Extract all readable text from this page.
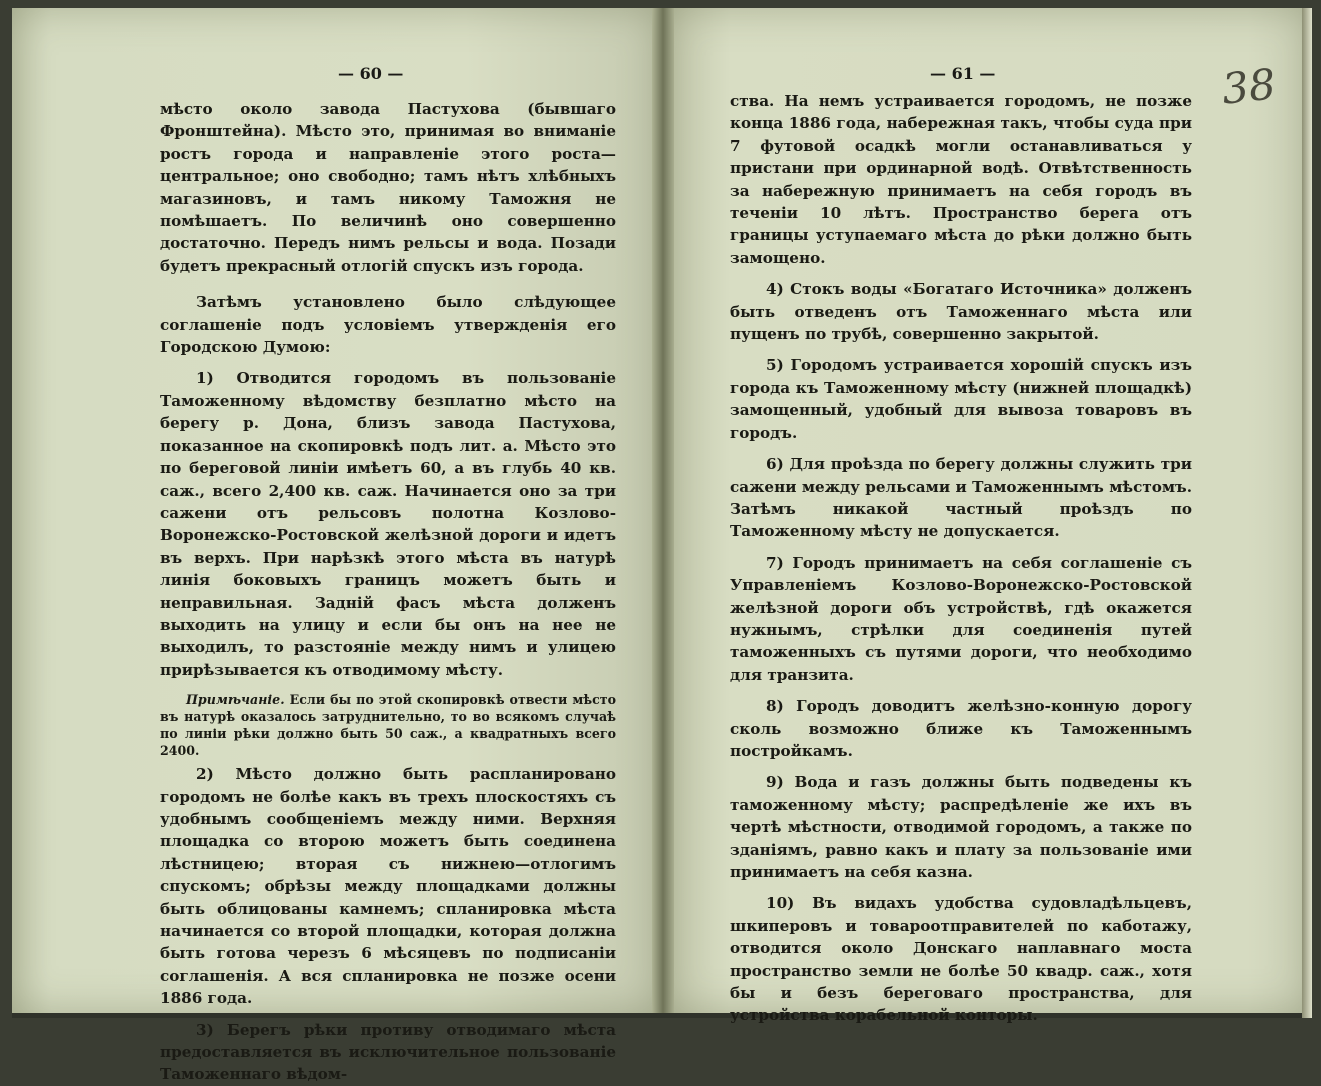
— 60 —	— 61 —	38

мѣсто около завода Пастухова (бывшаго Фронштейна). Мѣсто это, принимая во вниманіе ростъ города и направленіе этого роста—центральное; оно свободно; тамъ нѣтъ хлѣбныхъ магазиновъ, и тамъ никому Таможня не помѣшаетъ. По величинѣ оно совершенно достаточно. Передъ нимъ рельсы и вода. Позади будетъ прекрасный отлогій спускъ изъ города.

Затѣмъ установлено было слѣдующее соглашеніе подъ условіемъ утвержденія его Городскою Думою:

1) Отводится городомъ въ пользованіе Таможенному вѣдомству безплатно мѣсто на берегу р. Дона, близъ завода Пастухова, показанное на скопировкѣ подъ лит. а. Мѣсто это по береговой линіи имѣетъ 60, а въ глубь 40 кв. саж., всего 2,400 кв. саж. Начинается оно за три сажени отъ рельсовъ полотна Козлово-Воронежско-Ростовской желѣзной дороги и идетъ въ верхъ. При нарѣзкѣ этого мѣста въ натурѣ линія боковыхъ границъ можетъ быть и неправильная. Задній фасъ мѣста долженъ выходить на улицу и если бы онъ на нее не выходилъ, то разстояніе между нимъ и улицею прирѣзывается къ отводимому мѣсту.

Примѣчаніе. Если бы по этой скопировкѣ отвести мѣсто въ натурѣ оказалось затруднительно, то во всякомъ случаѣ по линіи рѣки должно быть 50 саж., а квадратныхъ всего 2400.

2) Мѣсто должно быть распланировано городомъ не болѣе какъ въ трехъ плоскостяхъ съ удобнымъ сообщеніемъ между ними. Верхняя площадка со второю можетъ быть соединена лѣстницею; вторая съ нижнею—отлогимъ спускомъ; обрѣзы между площадками должны быть облицованы камнемъ; спланировка мѣста начинается со второй площадки, которая должна быть готова черезъ 6 мѣсяцевъ по подписаніи соглашенія. А вся спланировка не позже осени 1886 года.

3) Берегъ рѣки противу отводимаго мѣста предоставляется въ исключительное пользованіе Таможеннаго вѣдом-

ства. На немъ устраивается городомъ, не позже конца 1886 года, набережная такъ, чтобы суда при 7 футовой осадкѣ могли останавливаться у пристани при ординарной водѣ. Отвѣтственность за набережную принимаетъ на себя городъ въ теченіи 10 лѣтъ. Пространство берега отъ границы уступаемаго мѣста до рѣки должно быть замощено.

4) Стокъ воды «Богатаго Источника» долженъ быть отведенъ отъ Таможеннаго мѣста или пущенъ по трубѣ, совершенно закрытой.

5) Городомъ устраивается хорошій спускъ изъ города къ Таможенному мѣсту (нижней площадкѣ) замощенный, удобный для вывоза товаровъ въ городъ.

6) Для проѣзда по берегу должны служить три сажени между рельсами и Таможеннымъ мѣстомъ. Затѣмъ никакой частный проѣздъ по Таможенному мѣсту не допускается.

7) Городъ принимаетъ на себя соглашеніе съ Управленіемъ Козлово-Воронежско-Ростовской желѣзной дороги объ устройствѣ, гдѣ окажется нужнымъ, стрѣлки для соединенія путей таможенныхъ съ путями дороги, что необходимо для транзита.

8) Городъ доводитъ желѣзно-конную дорогу сколь возможно ближе къ Таможеннымъ постройкамъ.

9) Вода и газъ должны быть подведены къ таможенному мѣсту; распредѣленіе же ихъ въ чертѣ мѣстности, отводимой городомъ, а также по зданіямъ, равно какъ и плату за пользованіе ими принимаетъ на себя казна.

10) Въ видахъ удобства судовладѣльцевъ, шкиперовъ и товароотправителей по каботажу, отводится около Донскаго наплавнаго моста пространство земли не болѣе 50 квадр. саж., хотя бы и безъ береговаго пространства, для устройства корабельной конторы.
